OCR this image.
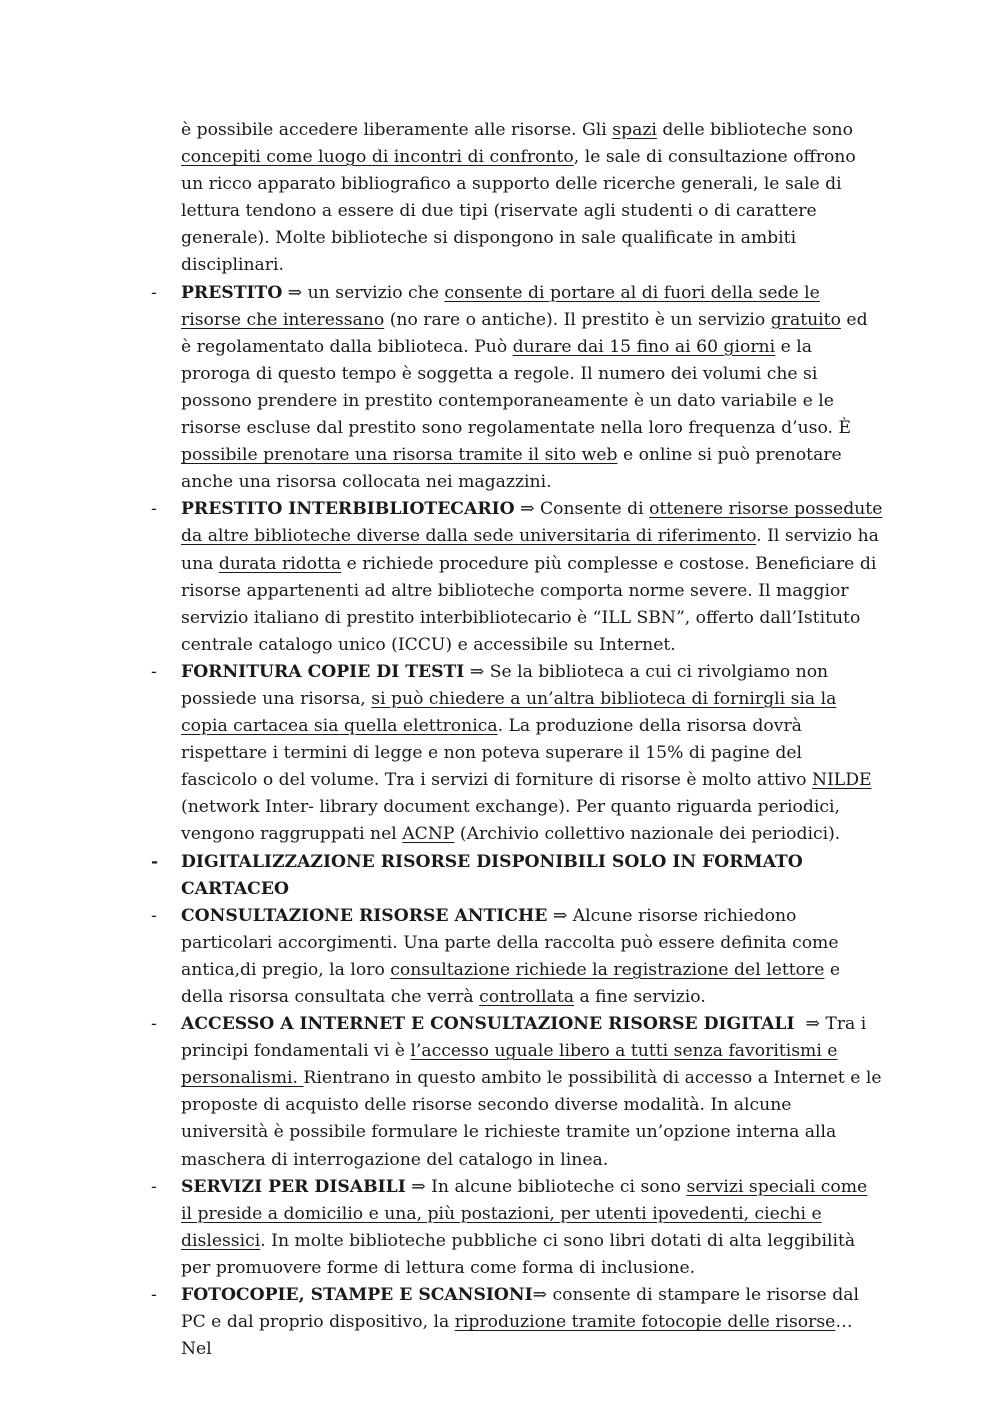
è possibile accedere liberamente alle risorse. Gli spazi delle biblioteche sono concepiti come luogo di incontri di confronto, le sale di consultazione offrono un ricco apparato bibliografico a supporto delle ricerche generali, le sale di lettura tendono a essere di due tipi (riservate agli studenti o di carattere generale). Molte biblioteche si dispongono in sale qualificate in ambiti disciplinari.

- PRESTITO ⇒ un servizio che consente di portare al di fuori della sede le risorse che interessano (no rare o antiche). Il prestito è un servizio gratuito ed è regolamentato dalla biblioteca. Può durare dai 15 fino ai 60 giorni e la proroga di questo tempo è soggetta a regole. Il numero dei volumi che si possono prendere in prestito contemporaneamente è un dato variabile e le risorse escluse dal prestito sono regolamentate nella loro frequenza d’uso. È possibile prenotare una risorsa tramite il sito web e online si può prenotare anche una risorsa collocata nei magazzini.
- PRESTITO INTERBIBLIOTECARIO ⇒ Consente di ottenere risorse possedute da altre biblioteche diverse dalla sede universitaria di riferimento. Il servizio ha una durata ridotta e richiede procedure più complesse e costose. Beneficiare di risorse appartenenti ad altre biblioteche comporta norme severe. Il maggior servizio italiano di prestito interbibliotecario è “ILL SBN”, offerto dall’Istituto centrale catalogo unico (ICCU) e accessibile su Internet.
- FORNITURA COPIE DI TESTI ⇒ Se la biblioteca a cui ci rivolgiamo non possiede una risorsa, si può chiedere a un’altra biblioteca di fornirgli sia la copia cartacea sia quella elettronica. La produzione della risorsa dovrà rispettare i termini di legge e non poteva superare il 15% di pagine del fascicolo o del volume. Tra i servizi di forniture di risorse è molto attivo NILDE (network Inter- library document exchange). Per quanto riguarda periodici, vengono raggruppati nel ACNP (Archivio collettivo nazionale dei periodici).
- DIGITALIZZAZIONE RISORSE DISPONIBILI SOLO IN FORMATO CARTACEO
- CONSULTAZIONE RISORSE ANTICHE ⇒ Alcune risorse richiedono particolari accorgimenti. Una parte della raccolta può essere definita come antica,di pregio, la loro consultazione richiede la registrazione del lettore e della risorsa consultata che verrà controllata a fine servizio.
- ACCESSO A INTERNET E CONSULTAZIONE RISORSE DIGITALI  ⇒ Tra i principi fondamentali vi è l’accesso uguale libero a tutti senza favoritismi e personalismi. Rientrano in questo ambito le possibilità di accesso a Internet e le proposte di acquisto delle risorse secondo diverse modalità. In alcune università è possibile formulare le richieste tramite un’opzione interna alla maschera di interrogazione del catalogo in linea.
- SERVIZI PER DISABILI ⇒ In alcune biblioteche ci sono servizi speciali come il preside a domicilio e una, più postazioni, per utenti ipovedenti, ciechi e dislessici. In molte biblioteche pubbliche ci sono libri dotati di alta leggibilità per promuovere forme di lettura come forma di inclusione.
- FOTOCOPIE, STAMPE E SCANSIONI⇒ consente di stampare le risorse dal PC e dal proprio dispositivo, la riproduzione tramite fotocopie delle risorse… Nel
